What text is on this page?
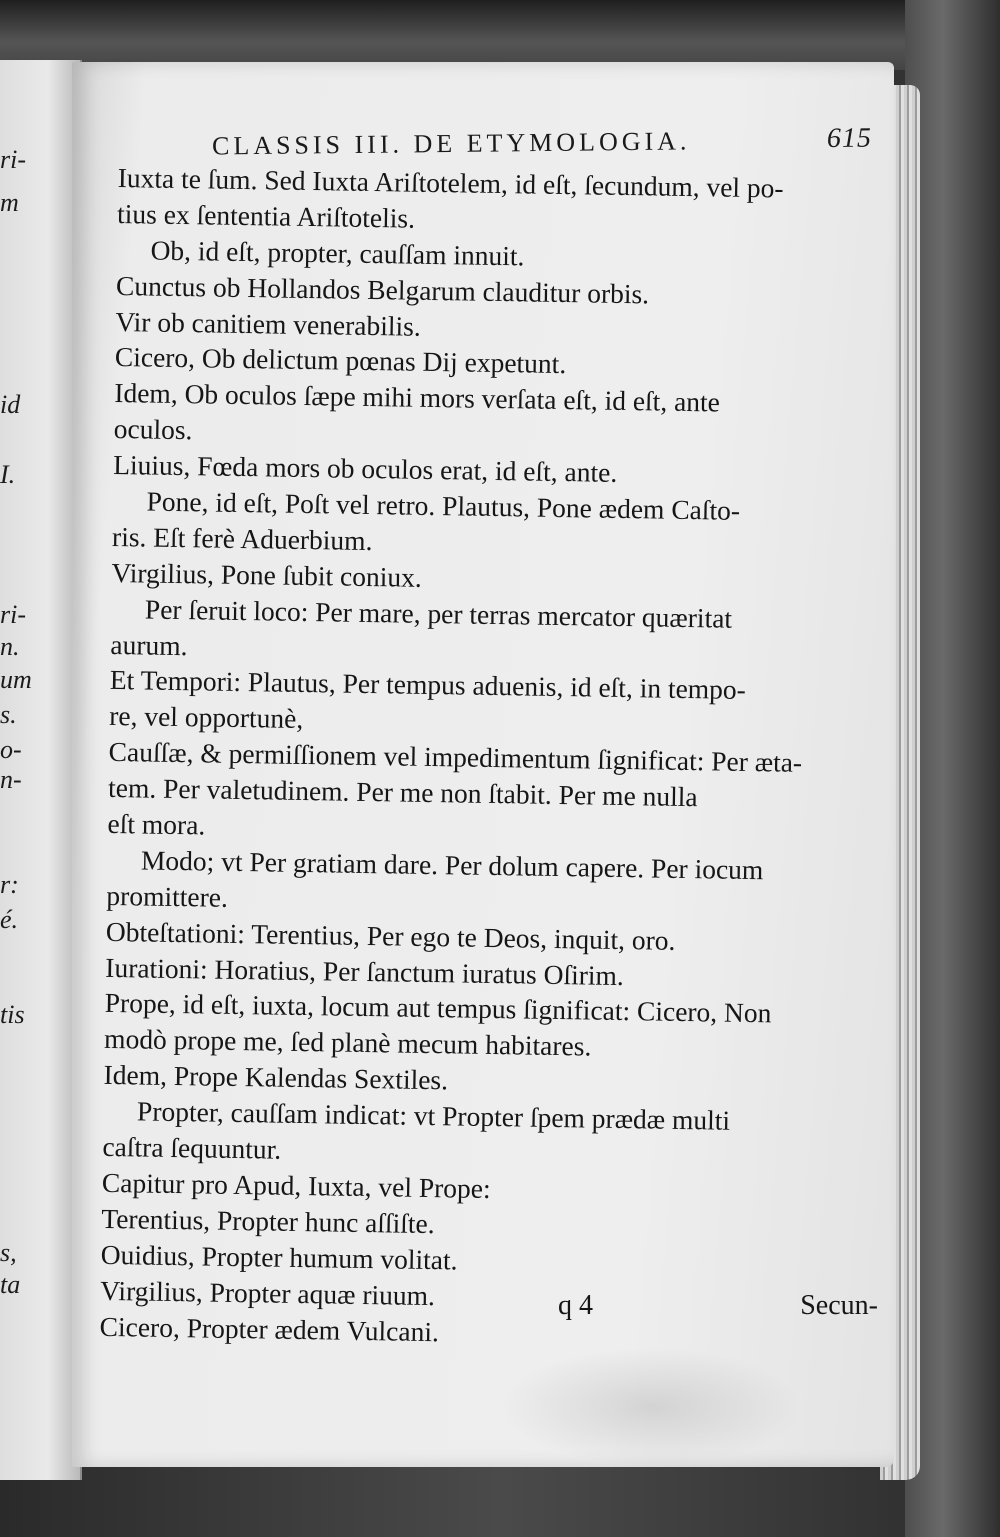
ri-
m
id
I.
ri-
n.
um
s.
o-
n-
r:
é.
tis
s,
ta
CLASSIS III. DE ETYMOLOGIA.	615
Iuxta te ſum. Sed Iuxta Ariſtotelem, id eſt, ſecundum, vel po-
tius ex ſententia Ariſtotelis.
Ob, id eſt, propter, cauſſam innuit.
Cunctus ob Hollandos Belgarum clauditur orbis.
Vir ob canitiem venerabilis.
Cicero, Ob delictum pœnas Dij expetunt.
Idem, Ob oculos ſæpe mihi mors verſata eſt, id eſt, ante
oculos.
Liuius, Fœda mors ob oculos erat, id eſt, ante.
Pone, id eſt, Poſt vel retro. Plautus, Pone ædem Caſto-
ris. Eſt ferè Aduerbium.
Virgilius, Pone ſubit coniux.
Per ſeruit loco: Per mare, per terras mercator quæritat
aurum.
Et Tempori: Plautus, Per tempus aduenis, id eſt, in tempo-
re, vel opportunè,
Cauſſæ, & permiſſionem vel impedimentum ſignificat: Per æta-
tem. Per valetudinem. Per me non ſtabit. Per me nulla
eſt mora.
Modo; vt Per gratiam dare. Per dolum capere. Per iocum
promittere.
Obteſtationi: Terentius, Per ego te Deos, inquit, oro.
Iurationi: Horatius, Per ſanctum iuratus Oſirim.
Prope, id eſt, iuxta, locum aut tempus ſignificat: Cicero, Non
modò prope me, ſed planè mecum habitares.
Idem, Prope Kalendas Sextiles.
Propter, cauſſam indicat: vt Propter ſpem prædæ multi
caſtra ſequuntur.
Capitur pro Apud, Iuxta, vel Prope:
Terentius, Propter hunc aſſiſte.
Ouidius, Propter humum volitat.
Virgilius, Propter aquæ riuum.
Cicero, Propter ædem Vulcani.
q 4	Secun-
